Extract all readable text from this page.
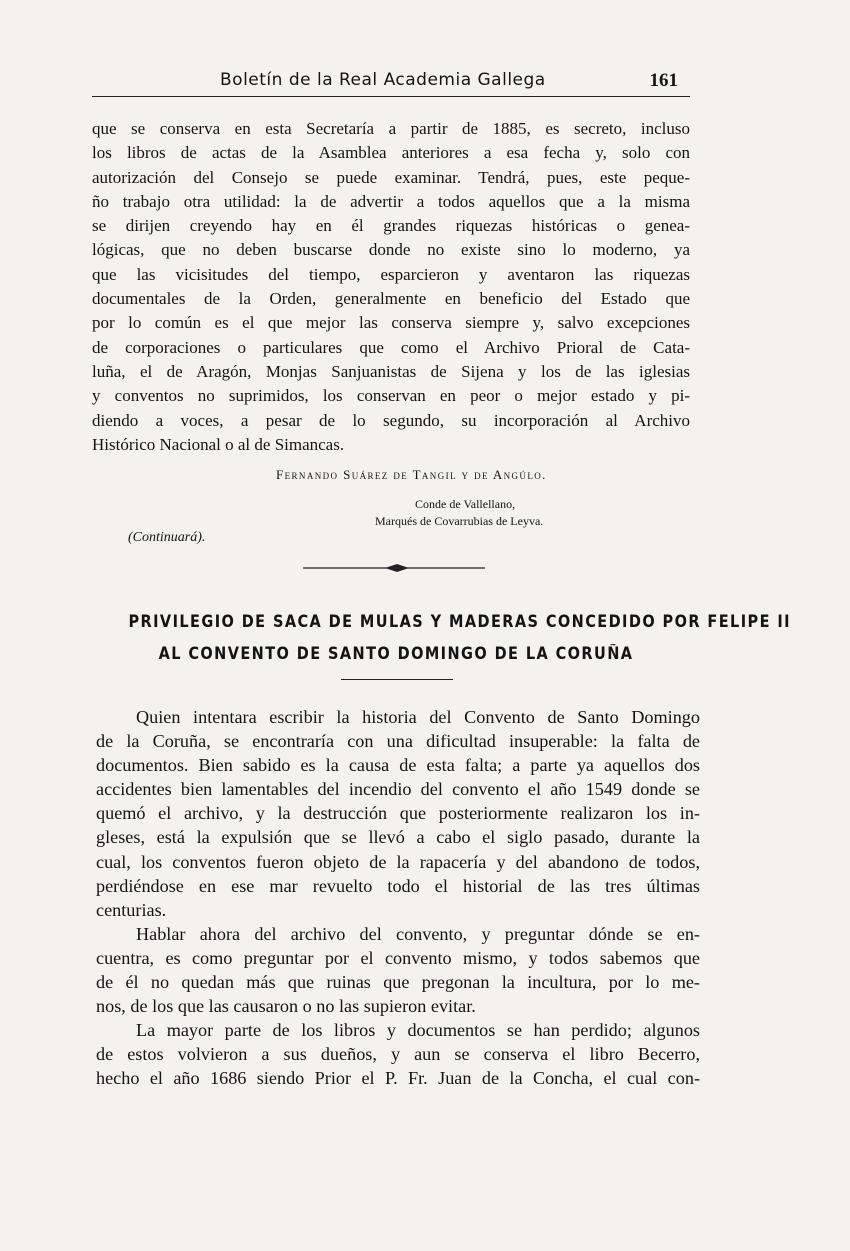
Boletín de la Real Academia Gallega	161
que se conserva en esta Secretaría a partir de 1885, es secreto, incluso
los libros de actas de la Asamblea anteriores a esa fecha y, solo con
autorización del Consejo se puede examinar. Tendrá, pues, este peque-
ño trabajo otra utilidad: la de advertir a todos aquellos que a la misma
se dirijen creyendo hay en él grandes riquezas históricas o genea-
lógicas, que no deben buscarse donde no existe sino lo moderno, ya
que las vicisitudes del tiempo, esparcieron y aventaron las riquezas
documentales de la Orden, generalmente en beneficio del Estado que
por lo común es el que mejor las conserva siempre y, salvo excepciones
de corporaciones o particulares que como el Archivo Prioral de Cata-
luña, el de Aragón, Monjas Sanjuanistas de Sijena y los de las iglesias
y conventos no suprimidos, los conservan en peor o mejor estado y pi-
diendo a voces, a pesar de lo segundo, su incorporación al Archivo
Histórico Nacional o al de Simancas.
Fernando Suárez de Tangil y de Angúlo.
Conde de Vallellano,
Marqués de Covarrubias de Leyva.
(Continuará).
PRIVILEGIO DE SACA DE MULAS Y MADERAS CONCEDIDO POR FELIPE II
AL CONVENTO DE SANTO DOMINGO DE LA CORUÑA
Quien intentara escribir la historia del Convento de Santo Domingo
de la Coruña, se encontraría con una dificultad insuperable: la falta de
documentos. Bien sabido es la causa de esta falta; a parte ya aquellos dos
accidentes bien lamentables del incendio del convento el año 1549 donde se
quemó el archivo, y la destrucción que posteriormente realizaron los in-
gleses, está la expulsión que se llevó a cabo el siglo pasado, durante la
cual, los conventos fueron objeto de la rapacería y del abandono de todos,
perdiéndose en ese mar revuelto todo el historial de las tres últimas
centurias.
Hablar ahora del archivo del convento, y preguntar dónde se en-
cuentra, es como preguntar por el convento mismo, y todos sabemos que
de él no quedan más que ruinas que pregonan la incultura, por lo me-
nos, de los que las causaron o no las supieron evitar.
La mayor parte de los libros y documentos se han perdido; algunos
de estos volvieron a sus dueños, y aun se conserva el libro Becerro,
hecho el año 1686 siendo Prior el P. Fr. Juan de la Concha, el cual con-
